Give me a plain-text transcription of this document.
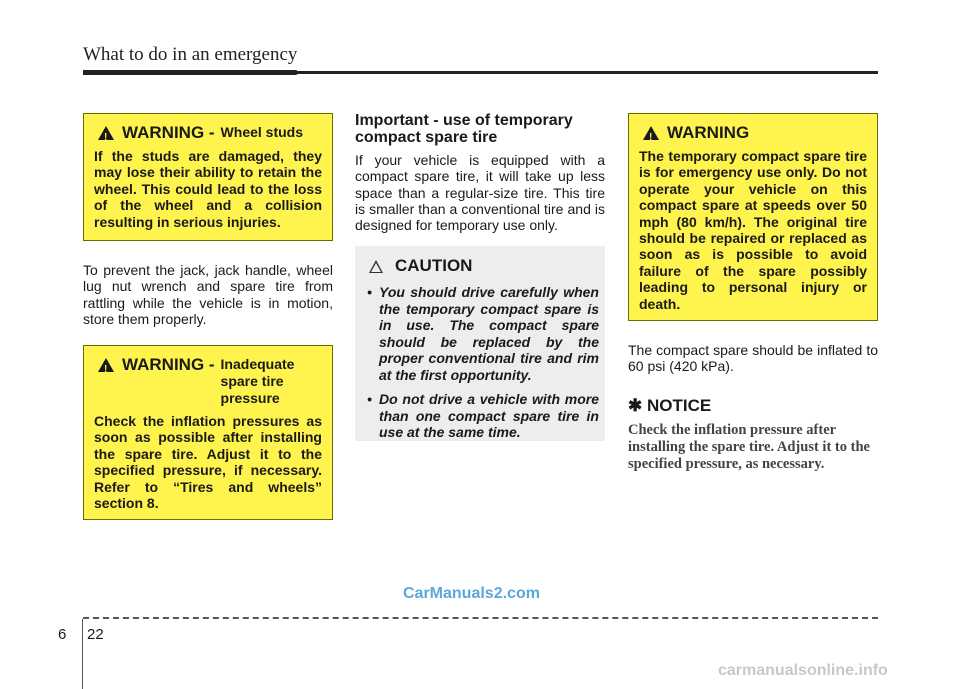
What to do in an emergency
!
WARNING - Wheel studs
If the studs are damaged, they may lose their ability to retain the wheel. This could lead to the loss of the wheel and a collision resulting in serious injuries.
To prevent the jack, jack handle, wheel lug nut wrench and spare tire from rattling while the vehicle is in motion, store them properly.
!
WARNING - Inadequate spare tire pressure
Check the inflation pressures as soon as possible after installing the spare tire. Adjust it to the specified pressure, if necessary. Refer to “Tires and wheels” section 8.
Important - use of temporary compact spare tire
If your vehicle is equipped with a compact spare tire, it will take up less space than a regular-size tire. This tire is smaller than a conventional tire and is designed for temporary use only.
CAUTION
• You should drive carefully when the temporary compact spare is in use. The compact spare should be replaced by the proper conventional tire and rim at the first opportunity.
• Do not drive a vehicle with more than one compact spare tire in use at the same time.
!
WARNING
The temporary compact spare tire is for emergency use only. Do not operate your vehicle on this compact spare at speeds over 50 mph (80 km/h). The original tire should be repaired or replaced as soon as is possible to avoid failure of the spare possibly leading to personal injury or death.
The compact spare should be inflated to 60 psi (420 kPa).
✱ NOTICE
Check the inflation pressure after installing the spare tire. Adjust it to the specified pressure, as necessary.
CarManuals2.com
6 22
carmanualsonline.info
